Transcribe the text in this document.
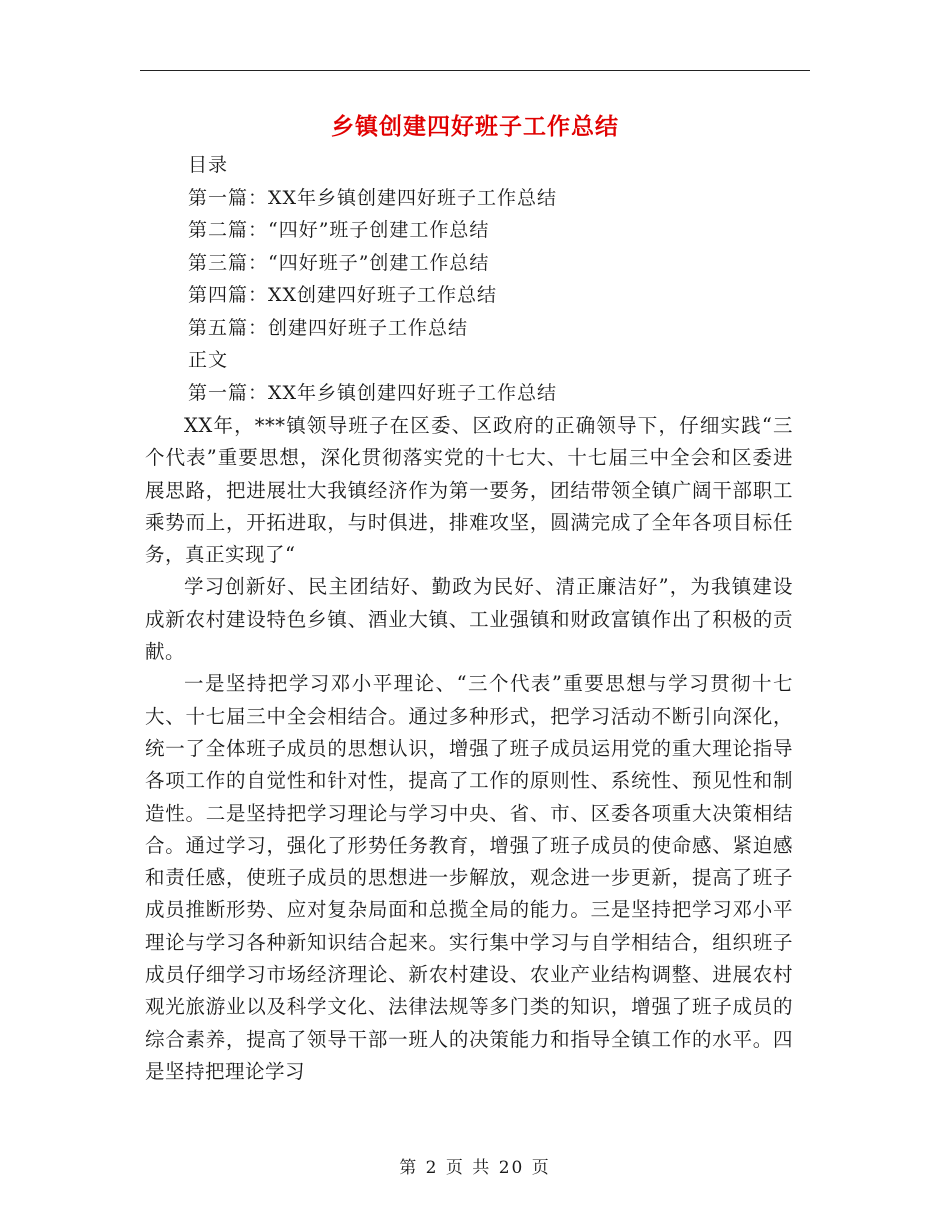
乡镇创建四好班子工作总结
目录
第一篇：XX年乡镇创建四好班子工作总结
第二篇：“四好”班子创建工作总结
第三篇：“四好班子”创建工作总结
第四篇：XX创建四好班子工作总结
第五篇：创建四好班子工作总结
正文
第一篇：XX年乡镇创建四好班子工作总结

XX年，***镇领导班子在区委、区政府的正确领导下，仔细实践“三个代表”重要思想，深化贯彻落实党的十七大、十七届三中全会和区委进展思路，把进展壮大我镇经济作为第一要务，团结带领全镇广阔干部职工乘势而上，开拓进取，与时俱进，排难攻坚，圆满完成了全年各项目标任务，真正实现了“

学习创新好、民主团结好、勤政为民好、清正廉洁好”，为我镇建设成新农村建设特色乡镇、酒业大镇、工业强镇和财政富镇作出了积极的贡献。

一是坚持把学习邓小平理论、“三个代表”重要思想与学习贯彻十七大、十七届三中全会相结合。通过多种形式，把学习活动不断引向深化，统一了全体班子成员的思想认识，增强了班子成员运用党的重大理论指导各项工作的自觉性和针对性，提高了工作的原则性、系统性、预见性和制造性。二是坚持把学习理论与学习中央、省、市、区委各项重大决策相结合。通过学习，强化了形势任务教育，增强了班子成员的使命感、紧迫感和责任感，使班子成员的思想进一步解放，观念进一步更新，提高了班子成员推断形势、应对复杂局面和总揽全局的能力。三是坚持把学习邓小平理论与学习各种新知识结合起来。实行集中学习与自学相结合，组织班子成员仔细学习市场经济理论、新农村建设、农业产业结构调整、进展农村观光旅游业以及科学文化、法律法规等多门类的知识，增强了班子成员的综合素养，提高了领导干部一班人的决策能力和指导全镇工作的水平。四是坚持把理论学习

第 2 页 共 20 页
